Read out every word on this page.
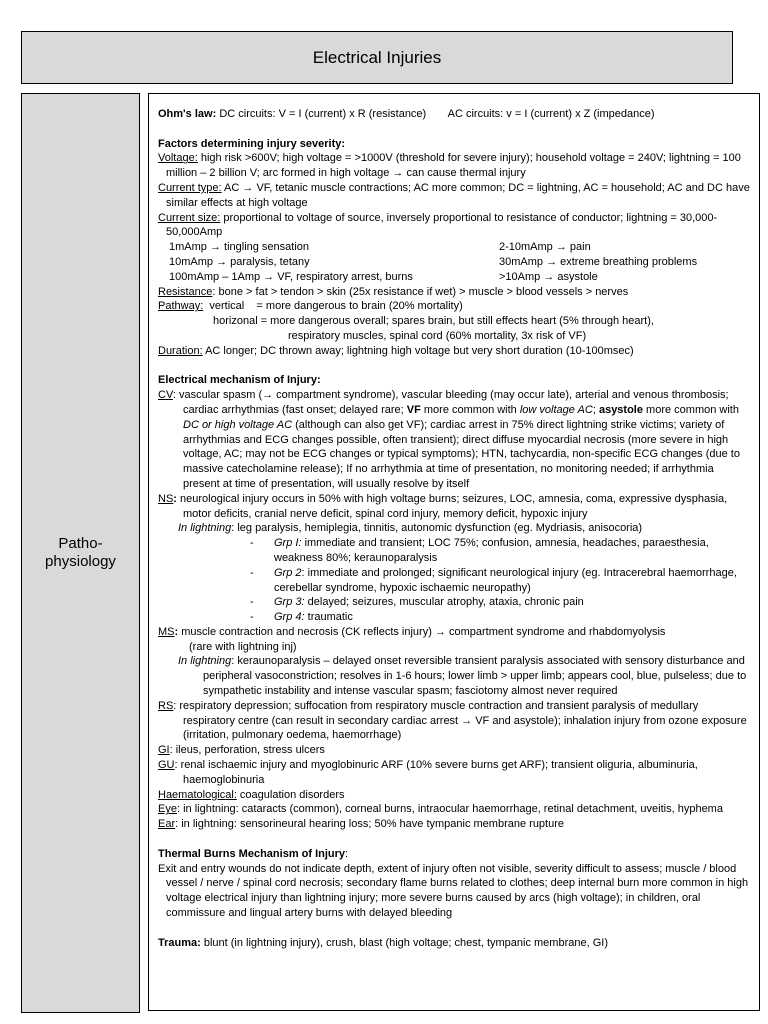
Electrical Injuries
Patho-
physiology

Ohm's law: DC circuits: V = I (current) x R (resistance) AC circuits: v = I (current) x Z (impedance)

Factors determining injury severity:

Voltage: high risk >600V; high voltage = >1000V (threshold for severe injury); household voltage = 240V; lightning = 100 million – 2 billion V; arc formed in high voltage → can cause thermal injury

Current type: AC → VF, tetanic muscle contractions; AC more common; DC = lightning, AC = household; AC and DC have similar effects at high voltage

Current size: proportional to voltage of source, inversely proportional to resistance of conductor; lightning = 30,000-50,000Amp

1mAmp → tingling sensation	2-10mAmp → pain
10mAmp → paralysis, tetany	30mAmp → extreme breathing problems
100mAmp – 1Amp → VF, respiratory arrest, burns	>10Amp → asystole

Resistance: bone > fat > tendon > skin (25x resistance if wet) > muscle > blood vessels > nerves

Pathway:  vertical    = more dangerous to brain (20% mortality)

horizonal = more dangerous overall; spares brain, but still effects heart (5% through heart),

respiratory muscles, spinal cord (60% mortality, 3x risk of VF)

Duration: AC longer; DC thrown away; lightning high voltage but very short duration (10-100msec)

Electrical mechanism of Injury:

CV: vascular spasm (→ compartment syndrome), vascular bleeding (may occur late), arterial and venous thrombosis; cardiac arrhythmias (fast onset; delayed rare; VF more common with low voltage AC; asystole more common with DC or high voltage AC (although can also get VF); cardiac arrest in 75% direct lightning strike victims; variety of arrhythmias and ECG changes possible, often transient); direct diffuse myocardial necrosis (more severe in high voltage, AC; may not be ECG changes or typical symptoms); HTN, tachycardia, non-specific ECG changes (due to massive catecholamine release); If no arrhythmia at time of presentation, no monitoring needed; if arrhythmia present at time of presentation, will usually resolve by itself

NS: neurological injury occurs in 50% with high voltage burns; seizures, LOC, amnesia, coma, expressive dysphasia, motor deficits, cranial nerve deficit, spinal cord injury, memory deficit, hypoxic injury

In lightning: leg paralysis, hemiplegia, tinnitis, autonomic dysfunction (eg. Mydriasis, anisocoria)

-	Grp I: immediate and transient; LOC 75%; confusion, amnesia, headaches, paraesthesia, weakness 80%; keraunoparalysis
-	Grp 2: immediate and prolonged; significant neurological injury (eg. Intracerebral haemorrhage, cerebellar syndrome, hypoxic ischaemic neuropathy)
-	Grp 3: delayed; seizures, muscular atrophy, ataxia, chronic pain
-	Grp 4: traumatic

MS: muscle contraction and necrosis (CK reflects injury) → compartment syndrome and rhabdomyolysis

(rare with lightning inj)

In lightning: keraunoparalysis – delayed onset reversible transient paralysis associated with sensory disturbance and peripheral vasoconstriction; resolves in 1-6 hours; lower limb > upper limb; appears cool, blue, pulseless; due to sympathetic instability and intense vascular spasm; fasciotomy almost never required

RS: respiratory depression; suffocation from respiratory muscle contraction and transient paralysis of medullary respiratory centre (can result in secondary cardiac arrest → VF and asystole); inhalation injury from ozone exposure (irritation, pulmonary oedema, haemorrhage)

GI: ileus, perforation, stress ulcers

GU: renal ischaemic injury and myoglobinuric ARF (10% severe burns get ARF); transient oliguria, albuminuria, haemoglobinuria

Haematological: coagulation disorders

Eye: in lightning: cataracts (common), corneal burns, intraocular haemorrhage, retinal detachment, uveitis, hyphema

Ear: in lightning: sensorineural hearing loss; 50% have tympanic membrane rupture

Thermal Burns Mechanism of Injury:

Exit and entry wounds do not indicate depth, extent of injury often not visible, severity difficult to assess; muscle / blood vessel / nerve / spinal cord necrosis; secondary flame burns related to clothes; deep internal burn more common in high voltage electrical injury than lightning injury; more severe burns caused by arcs (high voltage); in children, oral commissure and lingual artery burns with delayed bleeding

Trauma: blunt (in lightning injury), crush, blast (high voltage; chest, tympanic membrane, GI)
